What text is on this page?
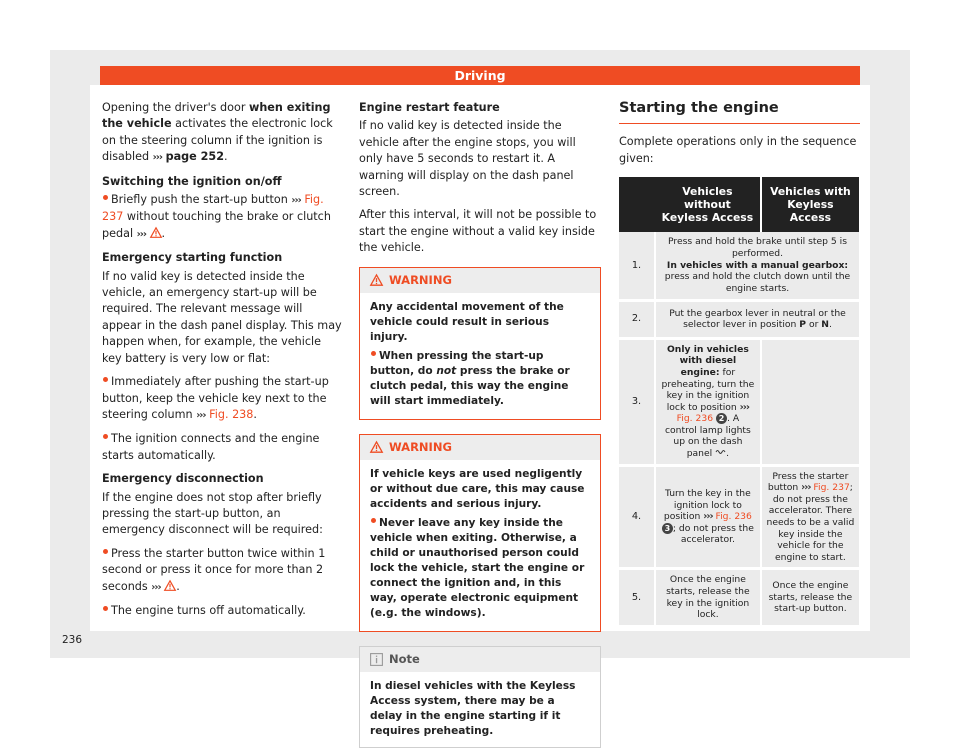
Driving

Opening the driver's door when exiting the vehicle activates the electronic lock on the steering column if the ignition is disabled ››› page 252.

Switching the ignition on/off

Briefly push the start-up button ››› Fig. 237 without touching the brake or clutch pedal ››› .

Emergency starting function

If no valid key is detected inside the vehicle, an emergency start-up will be required. The relevant message will appear in the dash panel display. This may happen when, for example, the vehicle key battery is very low or flat:

Immediately after pushing the start-up button, keep the vehicle key next to the steering column ››› Fig. 238.

The ignition connects and the engine starts automatically.

Emergency disconnection

If the engine does not stop after briefly pressing the start-up button, an emergency disconnect will be required:

Press the starter button twice within 1 second or press it once for more than 2 seconds ››› .

The engine turns off automatically.

Engine restart feature

If no valid key is detected inside the vehicle after the engine stops, you will only have 5 seconds to restart it. A warning will display on the dash panel screen.

After this interval, it will not be possible to start the engine without a valid key inside the vehicle.

WARNING

Any accidental movement of the vehicle could result in serious injury.

When pressing the start-up button, do not press the brake or clutch pedal, this way the engine will start immediately.

WARNING

If vehicle keys are used negligently or without due care, this may cause accidents and serious injury.

Never leave any key inside the vehicle when exiting. Otherwise, a child or unauthorised person could lock the vehicle, start the engine or connect the ignition and, in this way, operate electronic equipment (e.g. the windows).

Note
In diesel vehicles with the Keyless Access system, there may be a delay in the engine starting if it requires preheating.
Starting the engine

Complete operations only in the sequence given:

	Vehicles without Keyless Access	Vehicles with Keyless Access
1.	Press and hold the brake until step 5 is performed.
In vehicles with a manual gearbox: press and hold the clutch down until the engine starts.	
2.	Put the gearbox lever in neutral or the selector lever in position P or N.	
3.	Only in vehicles with diesel engine: for preheating, turn the key in the ignition lock to position ››› Fig. 236 2 . A control lamp lights up on the dash panel .	
4.	Turn the key in the ignition lock to position ››› Fig. 236 3 ; do not press the accelerator.	Press the starter button ››› Fig. 237; do not press the accelerator. There needs to be a valid key inside the vehicle for the engine to start.
5.	Once the engine starts, release the key in the ignition lock.	Once the engine starts, release the start-up button.
236
